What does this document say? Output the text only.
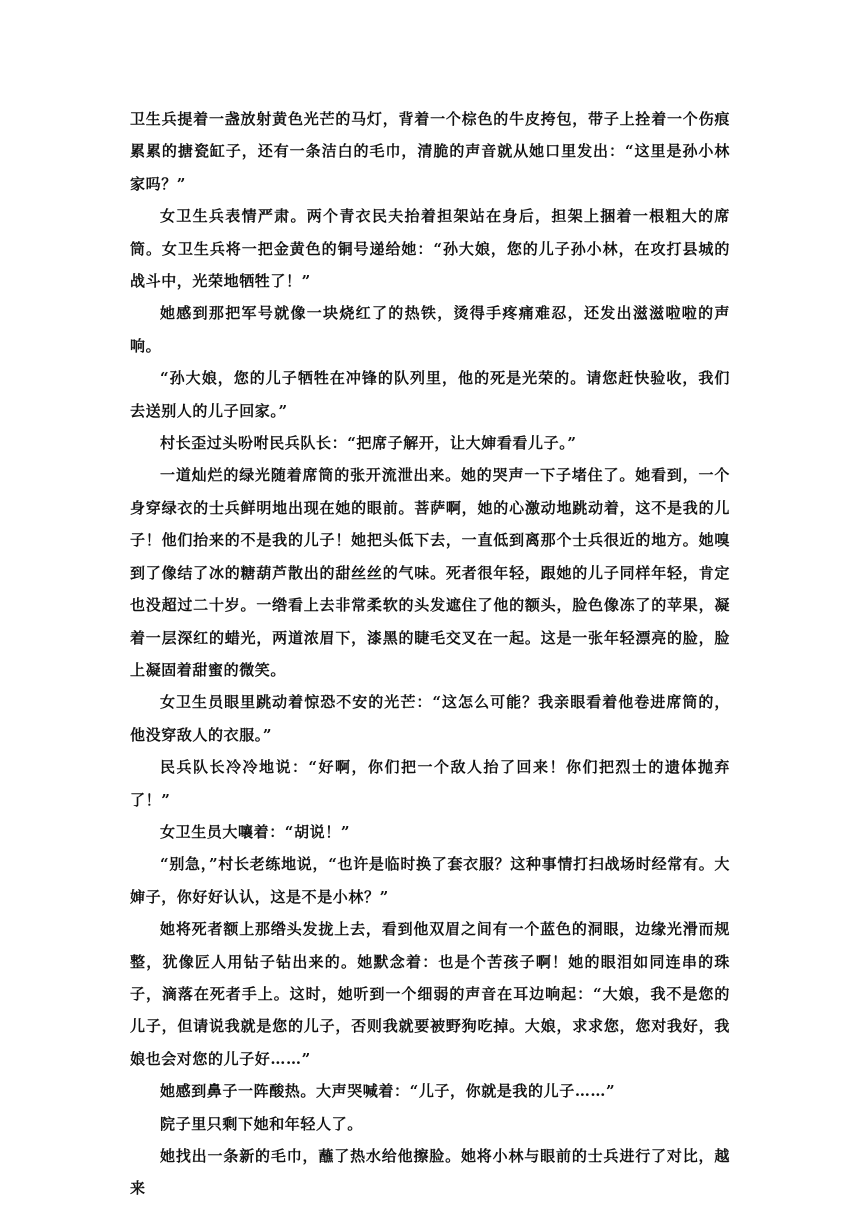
卫生兵提着一盏放射黄色光芒的马灯，背着一个棕色的牛皮挎包，带子上拴着一个伤痕累累的搪瓷缸子，还有一条洁白的毛巾，清脆的声音就从她口里发出：“这里是孙小林家吗？”

女卫生兵表情严肃。两个青衣民夫抬着担架站在身后，担架上捆着一根粗大的席筒。女卫生兵将一把金黄色的铜号递给她：“孙大娘，您的儿子孙小林，在攻打县城的战斗中，光荣地牺牲了！”

她感到那把军号就像一块烧红了的热铁，烫得手疼痛难忍，还发出滋滋啦啦的声响。

“孙大娘，您的儿子牺牲在冲锋的队列里，他的死是光荣的。请您赶快验收，我们去送别人的儿子回家。”

村长歪过头吩咐民兵队长：“把席子解开，让大婶看看儿子。”

一道灿烂的绿光随着席筒的张开流泄出来。她的哭声一下子堵住了。她看到，一个身穿绿衣的士兵鲜明地出现在她的眼前。菩萨啊，她的心激动地跳动着，这不是我的儿子！他们抬来的不是我的儿子！她把头低下去，一直低到离那个士兵很近的地方。她嗅到了像结了冰的糖葫芦散出的甜丝丝的气味。死者很年轻，跟她的儿子同样年轻，肯定也没超过二十岁。一绺看上去非常柔软的头发遮住了他的额头，脸色像冻了的苹果，凝着一层深红的蜡光，两道浓眉下，漆黑的睫毛交叉在一起。这是一张年轻漂亮的脸，脸上凝固着甜蜜的微笑。

女卫生员眼里跳动着惊恐不安的光芒：“这怎么可能？我亲眼看着他卷进席筒的，他没穿敌人的衣服。”

民兵队长冷冷地说：“好啊，你们把一个敌人抬了回来！你们把烈士的遗体抛弃了！”

女卫生员大嚷着：“胡说！”

“别急，”村长老练地说，“也许是临时换了套衣服？这种事情打扫战场时经常有。大婶子，你好好认认，这是不是小林？”

她将死者额上那绺头发拢上去，看到他双眉之间有一个蓝色的洞眼，边缘光滑而规整，犹像匠人用钻子钻出来的。她默念着：也是个苦孩子啊！她的眼泪如同连串的珠子，滴落在死者手上。这时，她听到一个细弱的声音在耳边响起：“大娘，我不是您的儿子，但请说我就是您的儿子，否则我就要被野狗吃掉。大娘，求求您，您对我好，我娘也会对您的儿子好……”

她感到鼻子一阵酸热。大声哭喊着：“儿子，你就是我的儿子……”

院子里只剩下她和年轻人了。

她找出一条新的毛巾，蘸了热水给他擦脸。她将小林与眼前的士兵进行了对比，越来
